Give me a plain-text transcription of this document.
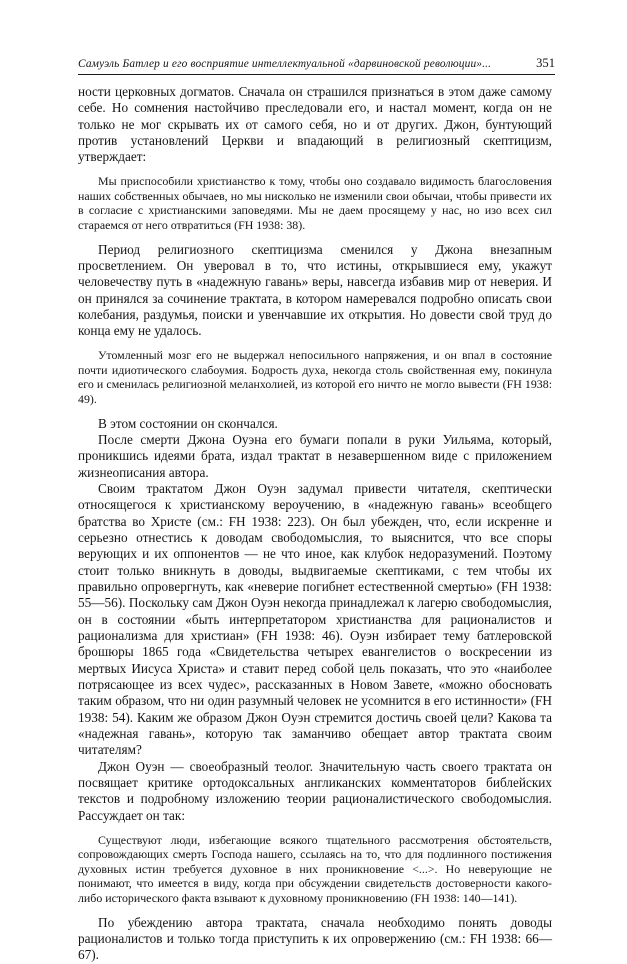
Самуэль Батлер и его восприятие интеллектуальной «дарвиновской революции»...	351

ности церковных догматов. Сначала он страшился признаться в этом даже самому себе. Но сомнения настойчиво преследовали его, и настал момент, когда он не только не мог скрывать их от самого себя, но и от других. Джон, бунтующий против установлений Церкви и впадающий в религиозный скептицизм, утверждает:

Мы приспособили христианство к тому, чтобы оно создавало видимость благословения наших собственных обычаев, но мы нисколько не изменили свои обычаи, чтобы привести их в согласие с христианскими заповедями. Мы не даем просящему у нас, но изо всех сил стараемся от него отвратиться (FH 1938: 38).

Период религиозного скептицизма сменился у Джона внезапным просветлением. Он уверовал в то, что истины, открывшиеся ему, укажут человечеству путь в «надежную гавань» веры, навсегда избавив мир от неверия. И он принялся за сочинение трактата, в котором намеревался подробно описать свои колебания, раздумья, поиски и увенчавшие их открытия. Но довести свой труд до конца ему не удалось.

Утомленный мозг его не выдержал непосильного напряжения, и он впал в состояние почти идиотического слабоумия. Бодрость духа, некогда столь свойственная ему, покинула его и сменилась религиозной меланхолией, из которой его ничто не могло вывести (FH 1938: 49).

В этом состоянии он скончался.

После смерти Джона Оуэна его бумаги попали в руки Уильяма, который, проникшись идеями брата, издал трактат в незавершенном виде с приложением жизнеописания автора.

Своим трактатом Джон Оуэн задумал привести читателя, скептически относящегося к христианскому вероучению, в «надежную гавань» всеобщего братства во Христе (см.: FH 1938: 223). Он был убежден, что, если искренне и серьезно отнестись к доводам свободомыслия, то выяснится, что все споры верующих и их оппонентов — не что иное, как клубок недоразумений. Поэтому стоит только вникнуть в доводы, выдвигаемые скептиками, с тем чтобы их правильно опровергнуть, как «неверие погибнет естественной смертью» (FH 1938: 55—56). Поскольку сам Джон Оуэн некогда принадлежал к лагерю свободомыслия, он в состоянии «быть интерпретатором христианства для рационалистов и рационализма для христиан» (FH 1938: 46). Оуэн избирает тему батлеровской брошюры 1865 года «Свидетельства четырех евангелистов о воскресении из мертвых Иисуса Христа» и ставит перед собой цель показать, что это «наиболее потрясающее из всех чудес», рассказанных в Новом Завете, «можно обосновать таким образом, что ни один разумный человек не усомнится в его истинности» (FH 1938: 54). Каким же образом Джон Оуэн стремится достичь своей цели? Какова та «надежная гавань», которую так заманчиво обещает автор трактата своим читателям?

Джон Оуэн — своеобразный теолог. Значительную часть своего трактата он посвящает критике ортодоксальных англиканских комментаторов библейских текстов и подробному изложению теории рационалистического свободомыслия. Рассуждает он так:

Существуют люди, избегающие всякого тщательного рассмотрения обстоятельств, сопровождающих смерть Господа нашего, ссылаясь на то, что для подлинного постижения духовных истин требуется духовное в них проникновение <...>. Но неверующие не понимают, что имеется в виду, когда при обсуждении свидетельств достоверности какого-либо исторического факта взывают к духовному проникновению (FH 1938: 140—141).

По убеждению автора трактата, сначала необходимо понять доводы рационалистов и только тогда приступить к их опровержению (см.: FH 1938: 66—67).
